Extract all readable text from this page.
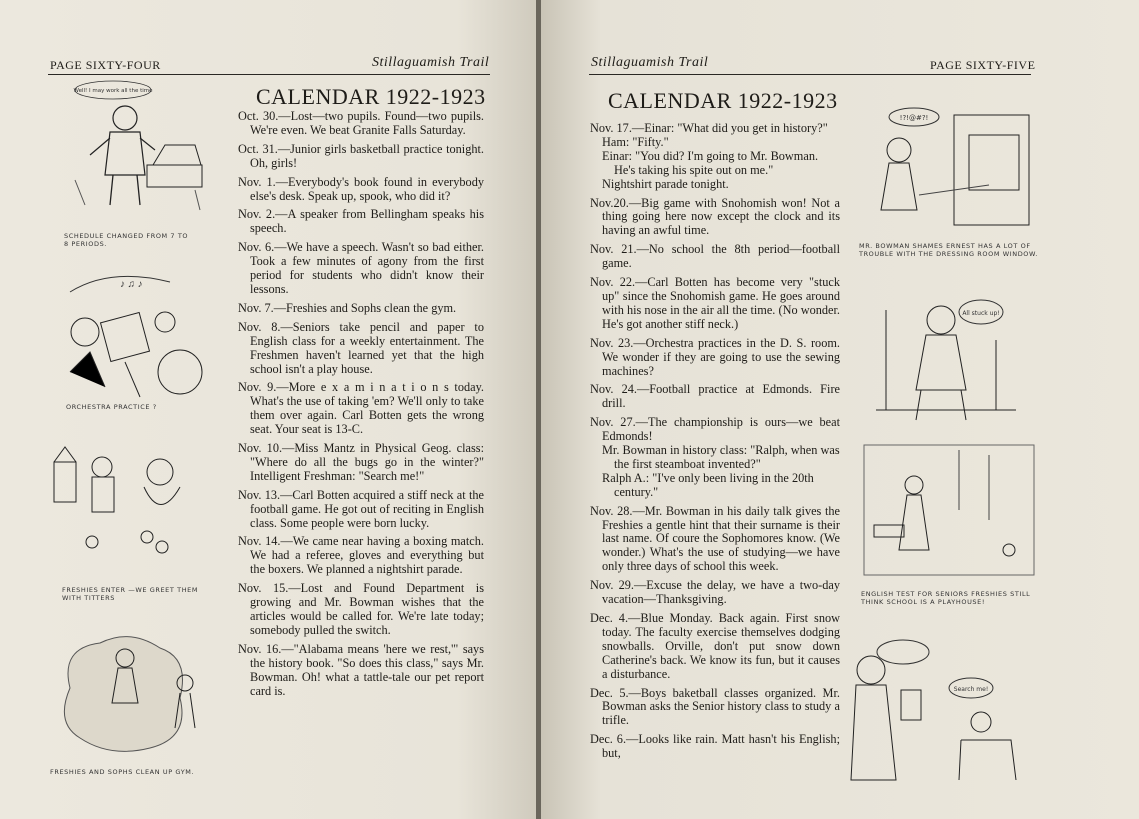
PAGE SIXTY-FOUR	Stillaguamish Trail
CALENDAR 1922-1923

Oct. 30.—Lost—two pupils. Found—two pupils. We're even. We beat Granite Falls Saturday.

Oct. 31.—Junior girls basketball practice tonight. Oh, girls!

Nov. 1.—Everybody's book found in everybody else's desk. Speak up, spook, who did it?

Nov. 2.—A speaker from Bellingham speaks his speech.

Nov. 6.—We have a speech. Wasn't so bad either. Took a few minutes of agony from the first period for students who didn't know their lessons.

Nov. 7.—Freshies and Sophs clean the gym.

Nov. 8.—Seniors take pencil and paper to English class for a weekly entertainment. The Freshmen haven't learned yet that the high school isn't a play house.

Nov. 9.—More e x a m i n a t i o n s today. What's the use of taking 'em? We'll only to take them over again. Carl Botten gets the wrong seat. Your seat is 13-C.

Nov. 10.—Miss Mantz in Physical Geog. class: "Where do all the bugs go in the winter?" Intelligent Freshman: "Search me!"

Nov. 13.—Carl Botten acquired a stiff neck at the football game. He got out of reciting in English class. Some people were born lucky.

Nov. 14.—We came near having a boxing match. We had a referee, gloves and everything but the boxers. We planned a nightshirt parade.

Nov. 15.—Lost and Found Department is growing and Mr. Bowman wishes that the articles would be called for. We're late today; somebody pulled the switch.

Nov. 16.—"Alabama means 'here we rest,'" says the history book. "So does this class," says Mr. Bowman. Oh! what a tattle-tale our pet report card is.

Well! I may work all the time
SCHEDULE CHANGED FROM 7 TO 8 PERIODS.
♪ ♫ ♪
ORCHESTRA PRACTICE ?
FRESHIES ENTER —WE GREET THEM WITH TITTERS
FRESHIES AND SOPHS CLEAN UP GYM.
Stillaguamish Trail	PAGE SIXTY-FIVE
CALENDAR 1922-1923
Nov. 17.—Einar: "What did you get in history?"
Ham: "Fifty."
Einar: "You did? I'm going to Mr. Bowman. He's taking his spite out on me."
Nightshirt parade tonight.
Nov.20.—Big game with Snohomish won! Not a thing going here now except the clock and its having an awful time.
Nov. 21.—No school the 8th period—football game.
Nov. 22.—Carl Botten has become very "stuck up" since the Snohomish game. He goes around with his nose in the air all the time. (No wonder. He's got another stiff neck.)
Nov. 23.—Orchestra practices in the D. S. room. We wonder if they are going to use the sewing machines?
Nov. 24.—Football practice at Edmonds. Fire drill.
Nov. 27.—The championship is ours—we beat Edmonds!
Mr. Bowman in history class: "Ralph, when was the first steamboat invented?"
Ralph A.: "I've only been living in the 20th century."
Nov. 28.—Mr. Bowman in his daily talk gives the Freshies a gentle hint that their surname is their last name. Of coure the Sophomores know. (We wonder.) What's the use of studying—we have only three days of school this week.
Nov. 29.—Excuse the delay, we have a two-day vacation—Thanksgiving.
Dec. 4.—Blue Monday. Back again. First snow today. The faculty exercise themselves dodging snowballs. Orville, don't put snow down Catherine's back. We know its fun, but it causes a disturbance.
Dec. 5.—Boys baketball classes organized. Mr. Bowman asks the Senior history class to study a trifle.
Dec. 6.—Looks like rain. Matt hasn't his English; but,
!?!@#?!
MR. BOWMAN SHAMES ERNEST HAS A LOT OF TROUBLE WITH THE DRESSING ROOM WINDOW.
All stuck up!
ENGLISH TEST FOR SENIORS FRESHIES STILL THINK SCHOOL IS A PLAYHOUSE!
Search me!
